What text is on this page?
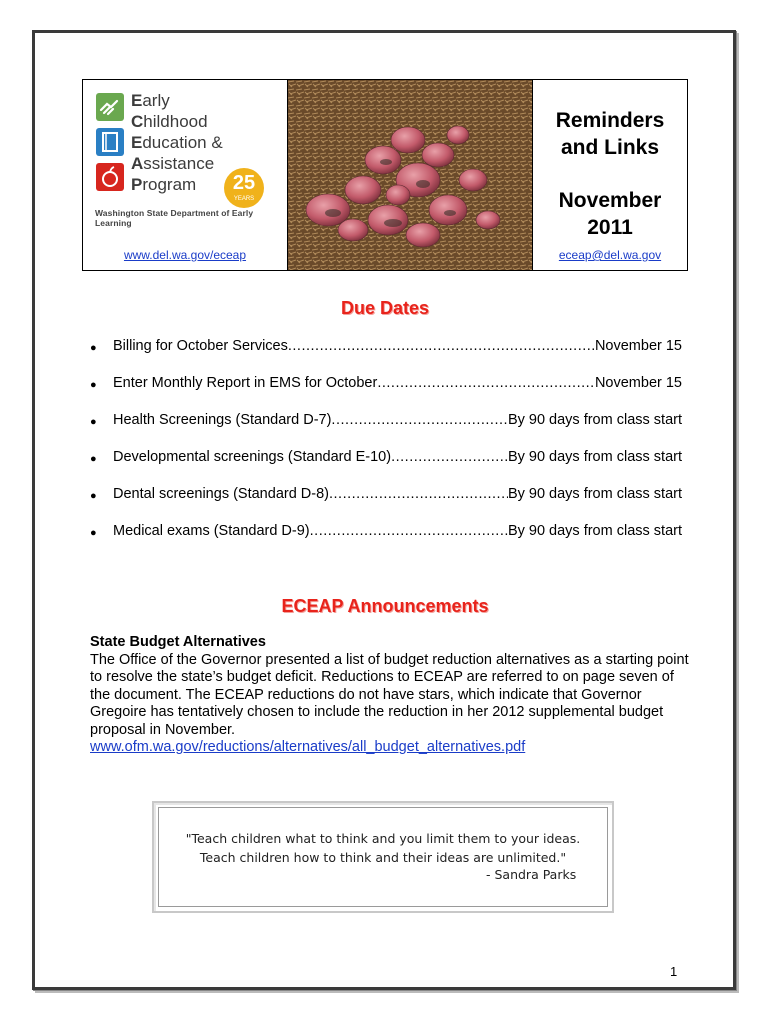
Early
Childhood
Education &
Assistance
Program	25
YEARS
Washington State Department of Early Learning
www.del.wa.gov/eceap
Reminders
and Links
November
2011
eceap@del.wa.gov
Due Dates
●	Billing for October Services .....	November 15
●	Enter Monthly Report in EMS for October .....	November 15
●	Health Screenings (Standard D-7) .....	By 90 days from class start
●	Developmental screenings (Standard E-10) .....	By 90 days from class start
●	Dental screenings (Standard D-8) .....	By 90 days from class start
●	Medical exams (Standard D-9) .....	By 90 days from class start
ECEAP Announcements
State Budget Alternatives
The Office of the Governor presented a list of budget reduction alternatives as a starting point to resolve the state’s budget deficit. Reductions to ECEAP are referred to on page seven of the document. The ECEAP reductions do not have stars, which indicate that Governor Gregoire has tentatively chosen to include the reduction in her 2012 supplemental budget proposal in November.
www.ofm.wa.gov/reductions/alternatives/all_budget_alternatives.pdf
"Teach children what to think and you limit them to your ideas.
Teach children how to think and their ideas are unlimited."
- Sandra Parks
1
